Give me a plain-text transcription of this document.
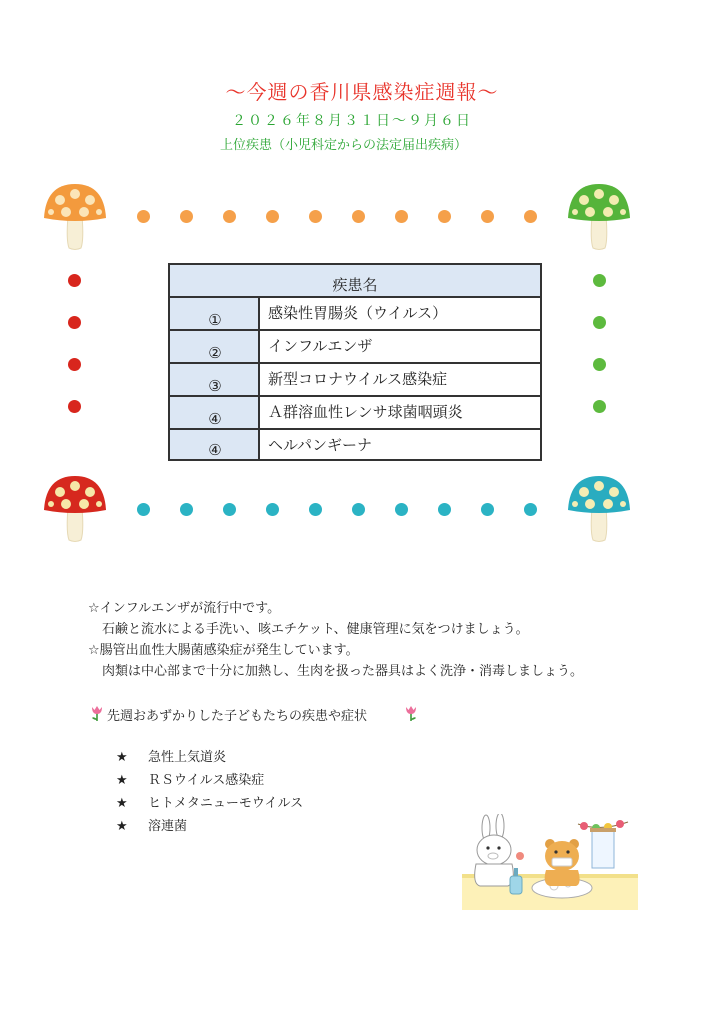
～今週の香川県感染症週報～
２０２６年８月３１日～９月６日
上位疾患（小児科定からの法定届出疾病）
疾患名
①	感染性胃腸炎（ウイルス）
②	インフルエンザ
③	新型コロナウイルス感染症
④	Ａ群溶血性レンサ球菌咽頭炎
④	ヘルパンギーナ
☆インフルエンザが流行中です。
石鹸と流水による手洗い、咳エチケット、健康管理に気をつけましょう。
☆腸管出血性大腸菌感染症が発生しています。
肉類は中心部まで十分に加熱し、生肉を扱った器具はよく洗浄・消毒しましょう。
先週おあずかりした子どもたちの疾患や症状
★ 急性上気道炎
★ ＲＳウイルス感染症
★ ヒトメタニューモウイルス
★ 溶連菌
